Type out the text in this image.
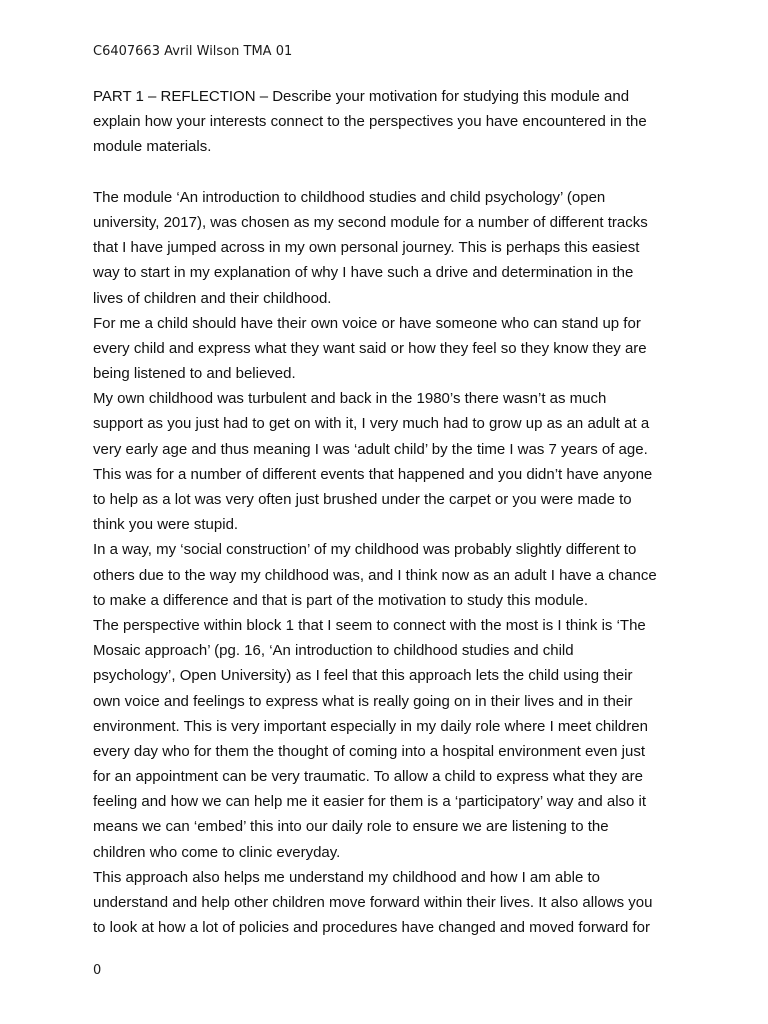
C6407663 Avril Wilson TMA 01
PART 1 – REFLECTION – Describe your motivation for studying this module and
explain how your interests connect to the perspectives you have encountered in the
module materials.
The module ‘An introduction to childhood studies and child psychology’ (open
university, 2017), was chosen as my second module for a number of different tracks
that I have jumped across in my own personal journey. This is perhaps this easiest
way to start in my explanation of why I have such a drive and determination in the
lives of children and their childhood.
For me a child should have their own voice or have someone who can stand up for
every child and express what they want said or how they feel so they know they are
being listened to and believed.
My own childhood was turbulent and back in the 1980’s there wasn’t as much
support as you just had to get on with it, I very much had to grow up as an adult at a
very early age and thus meaning I was ‘adult child’ by the time I was 7 years of age.
This was for a number of different events that happened and you didn’t have anyone
to help as a lot was very often just brushed under the carpet or you were made to
think you were stupid.
In a way, my ‘social construction’ of my childhood was probably slightly different to
others due to the way my childhood was, and I think now as an adult I have a chance
to make a difference and that is part of the motivation to study this module.
The perspective within block 1 that I seem to connect with the most is I think is ‘The
Mosaic approach’ (pg. 16, ‘An introduction to childhood studies and child
psychology’, Open University) as I feel that this approach lets the child using their
own voice and feelings to express what is really going on in their lives and in their
environment. This is very important especially in my daily role where I meet children
every day who for them the thought of coming into a hospital environment even just
for an appointment can be very traumatic. To allow a child to express what they are
feeling and how we can help me it easier for them is a ‘participatory’ way and also it
means we can ‘embed’ this into our daily role to ensure we are listening to the
children who come to clinic everyday.
This approach also helps me understand my childhood and how I am able to
understand and help other children move forward within their lives. It also allows you
to look at how a lot of policies and procedures have changed and moved forward for
0
